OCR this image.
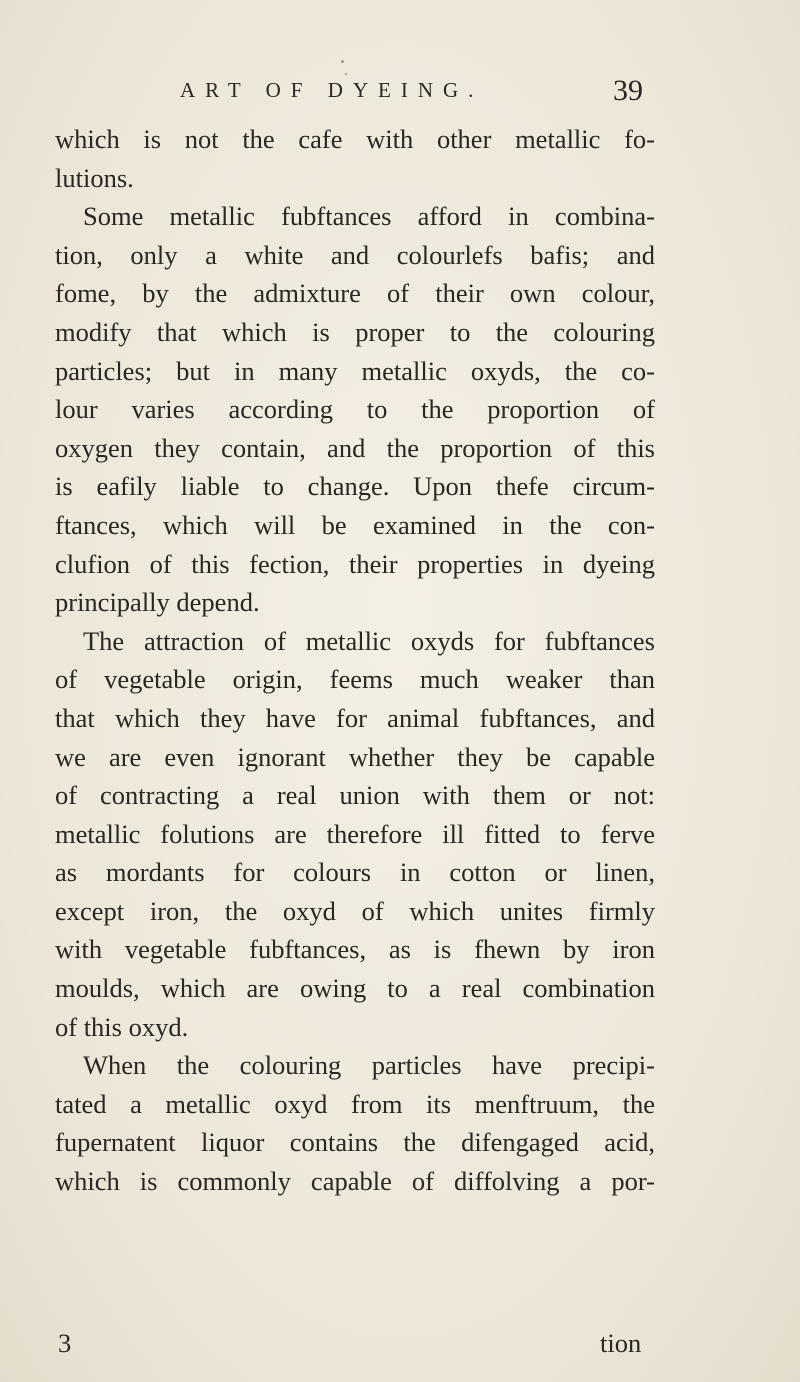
ART OF DYEING.	39
which is not the cafe with other metallic fo-
lutions.
Some metallic fubftances afford in combina-
tion, only a white and colourlefs bafis; and
fome, by the admixture of their own colour,
modify that which is proper to the colouring
particles; but in many metallic oxyds, the co-
lour varies according to the proportion of
oxygen they contain, and the proportion of this
is eafily liable to change. Upon thefe circum-
ftances, which will be examined in the con-
clufion of this fection, their properties in dyeing
principally depend.
The attraction of metallic oxyds for fubftances
of vegetable origin, feems much weaker than
that which they have for animal fubftances, and
we are even ignorant whether they be capable
of contracting a real union with them or not:
metallic folutions are therefore ill fitted to ferve
as mordants for colours in cotton or linen,
except iron, the oxyd of which unites firmly
with vegetable fubftances, as is fhewn by iron
moulds, which are owing to a real combination
of this oxyd.
When the colouring particles have precipi-
tated a metallic oxyd from its menftruum, the
fupernatent liquor contains the difengaged acid,
which is commonly capable of diffolving a por-
3	tion
